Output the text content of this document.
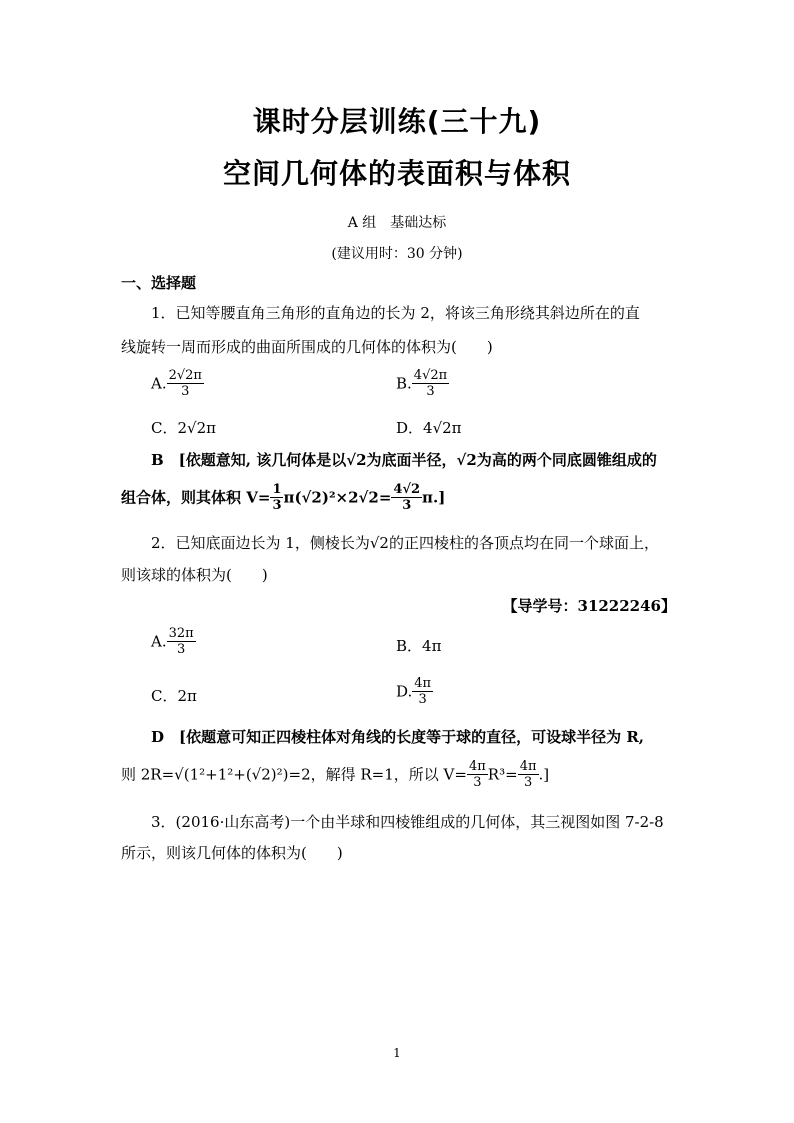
课时分层训练(三十九)
空间几何体的表面积与体积
A 组　基础达标
(建议用时：30 分钟)
一、选择题
1．已知等腰直角三角形的直角边的长为 2，将该三角形绕其斜边所在的直
线旋转一周而形成的曲面所围成的几何体的体积为(　　)
A. $\frac{2√2\pi}{3}$	B. $\frac{4√2\pi}{3}$
C．2√2π	D．4√2π
B　[依题意知, 该几何体是以√2为底面半径，√2为高的两个同底圆锥组成的
组合体，则其体积 $V= \frac{1}{3} \pi(√2)^2\times 2√2= \frac{4√2}{3} \pi$.]
2．已知底面边长为 1，侧棱长为√2的正四棱柱的各顶点均在同一个球面上，
则该球的体积为(　　)
【导学号：31222246】
A. $\frac{32\pi}{3}$	B．4π
C．2π	D. $\frac{4\pi}{3}$
D　[依题意可知正四棱柱体对角线的长度等于球的直径，可设球半径为 R,
则 2R=√(1²+1²+(√2)²)=2，解得 R=1，所以 $V= \frac{4\pi}{3} R^3= \frac{4\pi}{3}$ .]
3．(2016·山东高考)一个由半球和四棱锥组成的几何体，其三视图如图 7-2-8
所示，则该几何体的体积为(　　)
1
